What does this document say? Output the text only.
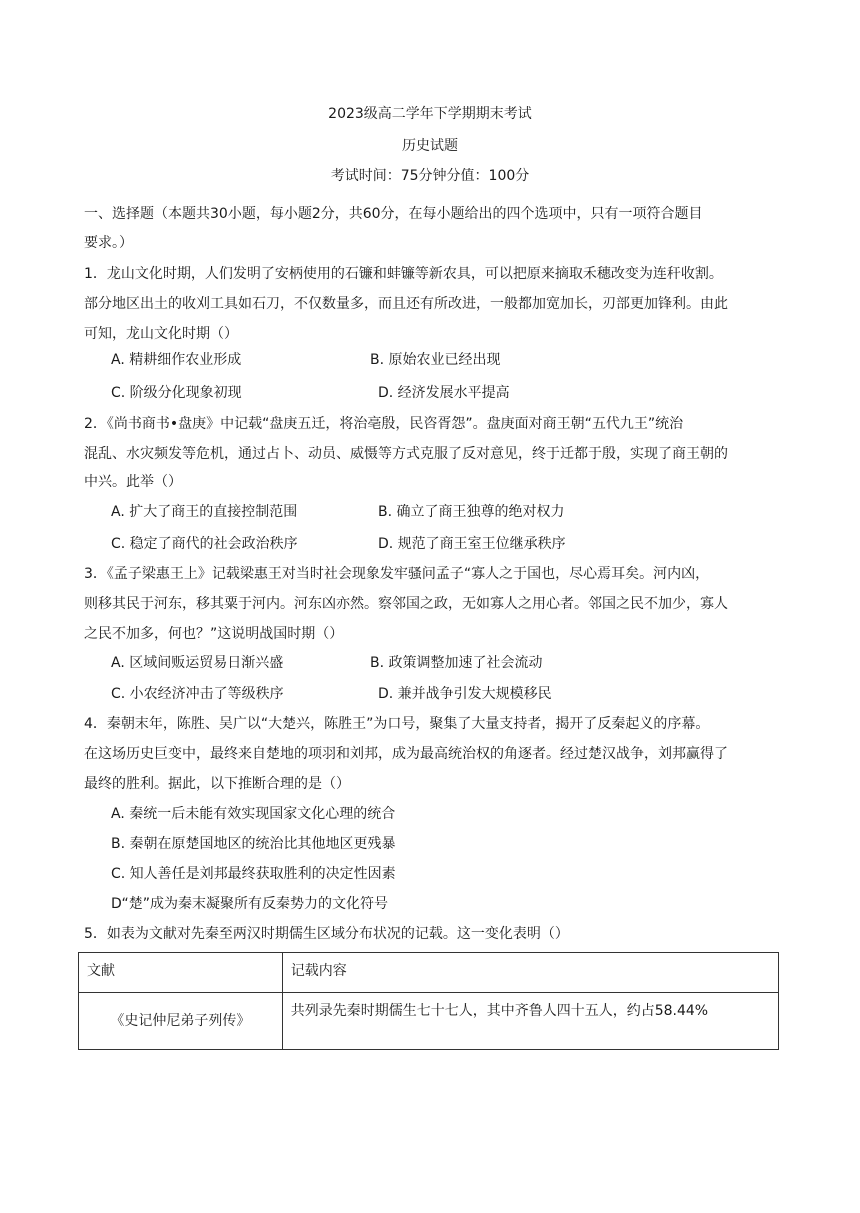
2023级高二学年下学期期末考试
历史试题
考试时间：75分钟分值：100分
一、选择题（本题共30小题，每小题2分，共60分，在每小题给出的四个选项中，只有一项符合题目
要求。）
1．龙山文化时期，人们发明了安柄使用的石镰和蚌镰等新农具，可以把原来摘取禾穗改变为连秆收割。
部分地区出土的收刈工具如石刀，不仅数量多，而且还有所改进，一般都加宽加长，刃部更加锋利。由此
可知，龙山文化时期（）
A. 精耕细作农业形成	B. 原始农业已经出现
C. 阶级分化现象初现	D. 经济发展水平提高
2．《尚书商书•盘庚》中记载“盘庚五迁，将治亳殷，民咨胥怨”。盘庚面对商王朝“五代九王”统治
混乱、水灾频发等危机，通过占卜、动员、威慑等方式克服了反对意见，终于迁都于殷，实现了商王朝的
中兴。此举（）
A. 扩大了商王的直接控制范围	B. 确立了商王独尊的绝对权力
C. 稳定了商代的社会政治秩序	D. 规范了商王室王位继承秩序
3．《孟子梁惠王上》记载梁惠王对当时社会现象发牢骚问孟子“寡人之于国也，尽心焉耳矣。河内凶，
则移其民于河东，移其粟于河内。河东凶亦然。察邻国之政，无如寡人之用心者。邻国之民不加少，寡人
之民不加多，何也？”这说明战国时期（）
A. 区域间贩运贸易日渐兴盛	B. 政策调整加速了社会流动
C. 小农经济冲击了等级秩序	D. 兼并战争引发大规模移民
4．秦朝末年，陈胜、吴广以“大楚兴，陈胜王”为口号，聚集了大量支持者，揭开了反秦起义的序幕。
在这场历史巨变中，最终来自楚地的项羽和刘邦，成为最高统治权的角逐者。经过楚汉战争，刘邦赢得了
最终的胜利。据此，以下推断合理的是（）
A. 秦统一后未能有效实现国家文化心理的统合
B. 秦朝在原楚国地区的统治比其他地区更残暴
C. 知人善任是刘邦最终获取胜利的决定性因素
D“楚”成为秦末凝聚所有反秦势力的文化符号
5．如表为文献对先秦至两汉时期儒生区域分布状况的记载。这一变化表明（）
文献	记载内容
《史记仲尼弟子列传》	共列录先秦时期儒生七十七人，其中齐鲁人四十五人，约占58.44%
